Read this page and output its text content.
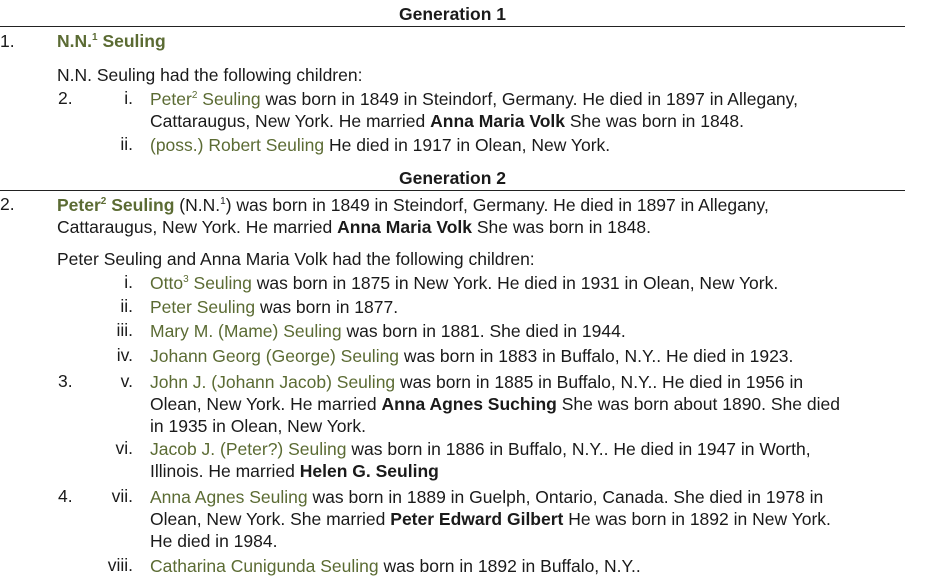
Generation 1
1. N.N.$^1$ Seuling
N.N. Seuling had the following children:
2.	i. Peter$^2$ Seuling was born in 1849 in Steindorf, Germany. He died in 1897 in Allegany,
Cattaraugus, New York. He married Anna Maria Volk She was born in 1848.
ii. (poss.) Robert Seuling He died in 1917 in Olean, New York.
Generation 2
2. Peter$^2$ Seuling (N.N.$^1$) was born in 1849 in Steindorf, Germany. He died in 1897 in Allegany,
Cattaraugus, New York. He married Anna Maria Volk She was born in 1848.
Peter Seuling and Anna Maria Volk had the following children:
i. Otto$^3$ Seuling was born in 1875 in New York. He died in 1931 in Olean, New York.
ii. Peter Seuling was born in 1877.
iii. Mary M. (Mame) Seuling was born in 1881. She died in 1944.
iv. Johann Georg (George) Seuling was born in 1883 in Buffalo, N.Y.. He died in 1923.
3.	v. John J. (Johann Jacob) Seuling was born in 1885 in Buffalo, N.Y.. He died in 1956 in
Olean, New York. He married Anna Agnes Suching She was born about 1890. She died
in 1935 in Olean, New York.
vi. Jacob J. (Peter?) Seuling was born in 1886 in Buffalo, N.Y.. He died in 1947 in Worth,
Illinois. He married Helen G. Seuling
4.	vii. Anna Agnes Seuling was born in 1889 in Guelph, Ontario, Canada. She died in 1978 in
Olean, New York. She married Peter Edward Gilbert He was born in 1892 in New York.
He died in 1984.
viii. Catharina Cunigunda Seuling was born in 1892 in Buffalo, N.Y..
